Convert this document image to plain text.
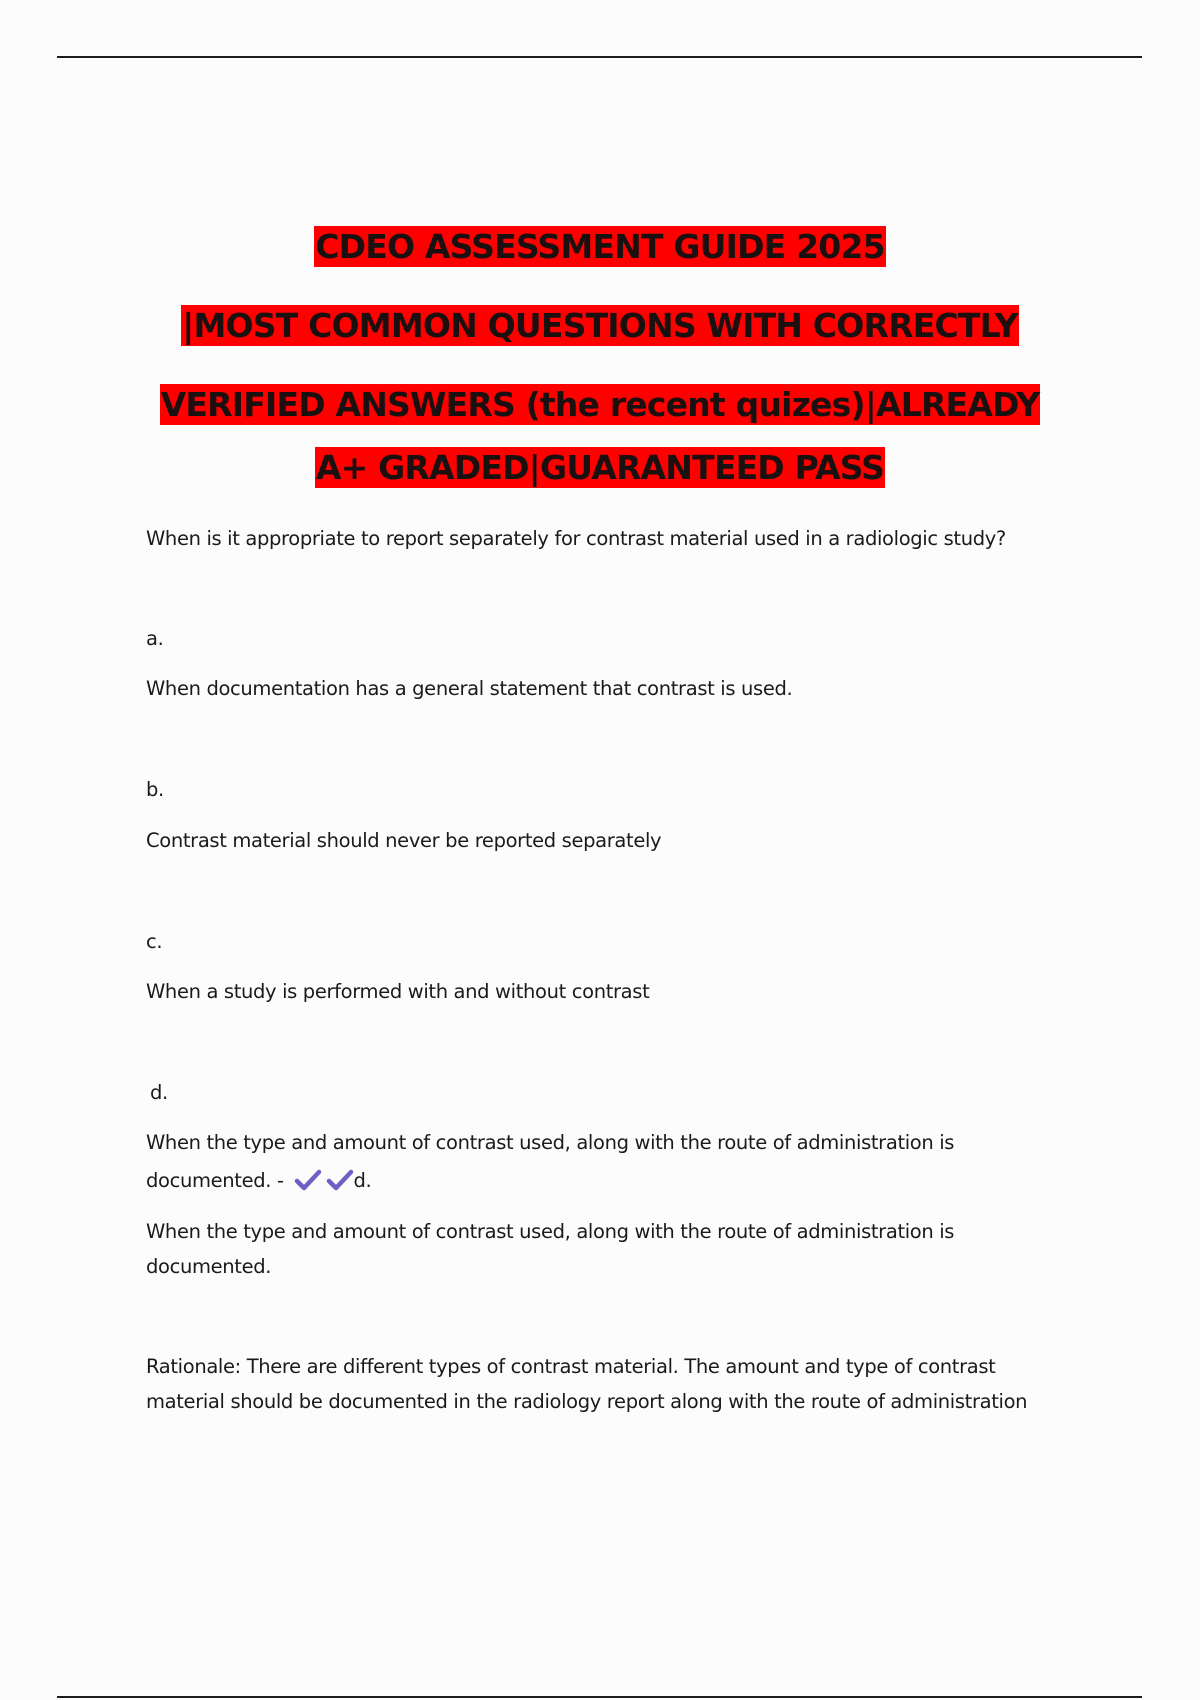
CDEO ASSESSMENT GUIDE 2025
|MOST COMMON QUESTIONS WITH CORRECTLY
VERIFIED ANSWERS (the recent quizes)|ALREADY
A+ GRADED|GUARANTEED PASS
When is it appropriate to report separately for contrast material used in a radiologic study?
a.
When documentation has a general statement that contrast is used.
b.
Contrast material should never be reported separately
c.
When a study is performed with and without contrast
d.
When the type and amount of contrast used, along with the route of administration is
documented. -	d.
When the type and amount of contrast used, along with the route of administration is
documented.
Rationale: There are different types of contrast material. The amount and type of contrast
material should be documented in the radiology report along with the route of administration
